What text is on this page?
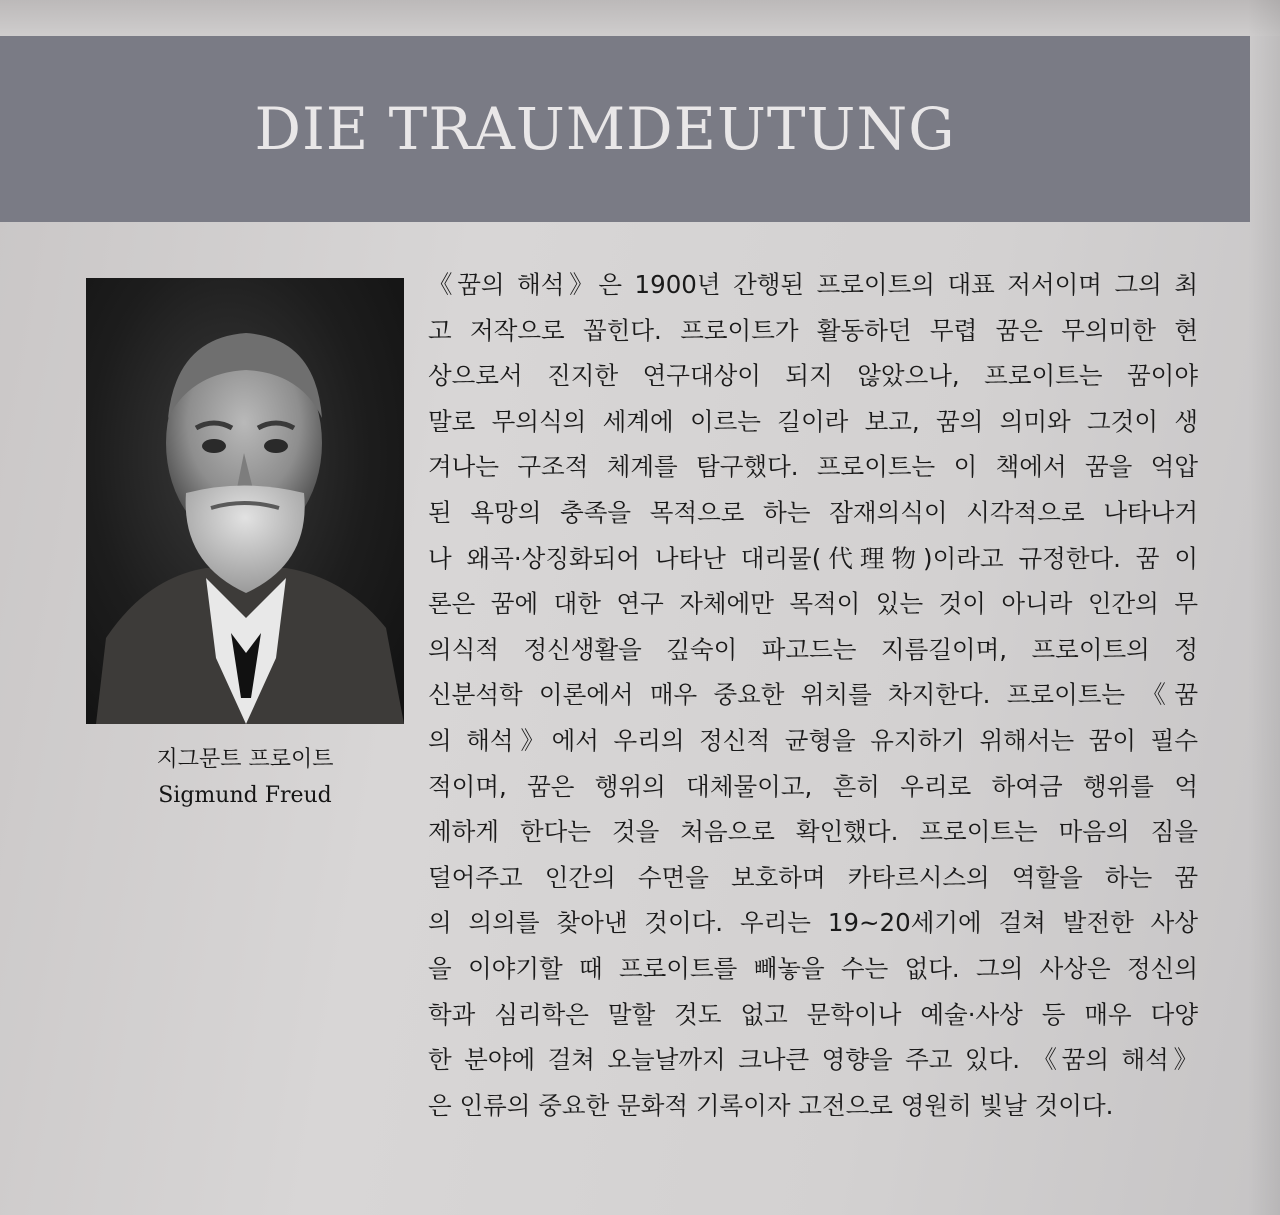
DIE TRAUMDEUTUNG
지그문트 프로이트
Sigmund Freud
《꿈의 해석》은 1900년 간행된 프로이트의 대표 저서이며 그의 최
고 저작으로 꼽힌다. 프로이트가 활동하던 무렵 꿈은 무의미한 현
상으로서 진지한 연구대상이 되지 않았으나, 프로이트는 꿈이야
말로 무의식의 세계에 이르는 길이라 보고, 꿈의 의미와 그것이 생
겨나는 구조적 체계를 탐구했다. 프로이트는 이 책에서 꿈을 억압
된 욕망의 충족을 목적으로 하는 잠재의식이 시각적으로 나타나거
나 왜곡·상징화되어 나타난 대리물(代理物)이라고 규정한다. 꿈 이
론은 꿈에 대한 연구 자체에만 목적이 있는 것이 아니라 인간의 무
의식적 정신생활을 깊숙이 파고드는 지름길이며, 프로이트의 정
신분석학 이론에서 매우 중요한 위치를 차지한다. 프로이트는 《꿈
의 해석》에서 우리의 정신적 균형을 유지하기 위해서는 꿈이 필수
적이며, 꿈은 행위의 대체물이고, 흔히 우리로 하여금 행위를 억
제하게 한다는 것을 처음으로 확인했다. 프로이트는 마음의 짐을
덜어주고 인간의 수면을 보호하며 카타르시스의 역할을 하는 꿈
의 의의를 찾아낸 것이다. 우리는 19~20세기에 걸쳐 발전한 사상
을 이야기할 때 프로이트를 빼놓을 수는 없다. 그의 사상은 정신의
학과 심리학은 말할 것도 없고 문학이나 예술·사상 등 매우 다양
한 분야에 걸쳐 오늘날까지 크나큰 영향을 주고 있다. 《꿈의 해석》
은 인류의 중요한 문화적 기록이자 고전으로 영원히 빛날 것이다.
